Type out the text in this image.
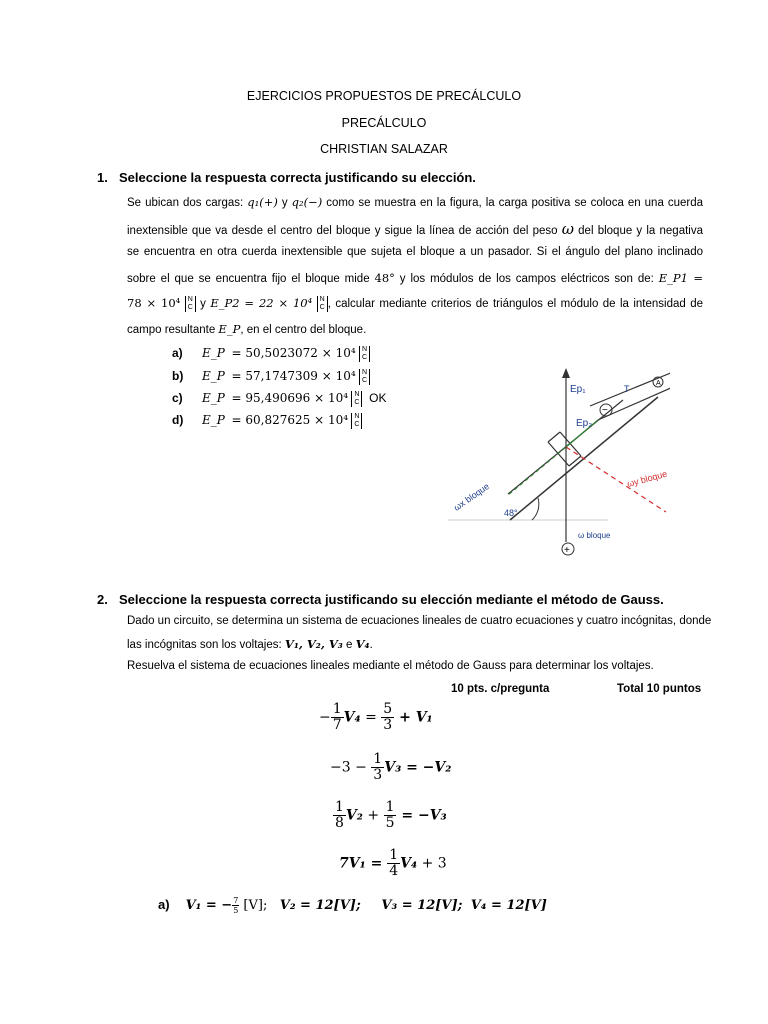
EJERCICIOS PROPUESTOS DE PRECÁLCULO
PRECÁLCULO
CHRISTIAN SALAZAR
1. Seleccione la respuesta correcta justificando su elección.
Se ubican dos cargas: q₁(+) y q₂(−) como se muestra en la figura, la carga positiva se coloca en una cuerda
inextensible que va desde el centro del bloque y sigue la línea de acción del peso ω del bloque y la negativa
se encuentra en otra cuerda inextensible que sujeta el bloque a un pasador. Si el ángulo del plano inclinado
sobre el que se encuentra fijo el bloque mide 48° y los módulos de los campos eléctricos son de: E_P1 =
78 × 10⁴ N
C y E_P2 = 22 × 10⁴ N
C , calcular mediante criterios de triángulos el módulo de la intensidad de
campo resultante E_P, en el centro del bloque.
a) E_P = 50,5023072 × 10⁴ N
C
b) E_P = 57,1747309 × 10⁴ N
C
c) E_P = 95,490696 × 10⁴ N
C OK
d) E_P = 60,827625 × 10⁴ N
C
A
−
Ep₁
Ep₂
T
ωx bloque
ωy bloque
+
ω bloque
48°
2. Seleccione la respuesta correcta justificando su elección mediante el método de Gauss.
Dado un circuito, se determina un sistema de ecuaciones lineales de cuatro ecuaciones y cuatro incógnitas, donde
las incógnitas son los voltajes: V₁, V₂, V₃ e V₄.
Resuelva el sistema de ecuaciones lineales mediante el método de Gauss para determinar los voltajes.
10 pts. c/pregunta	Total 10 puntos
− $\frac{1}{7} V_4 = \frac{5}{3} + V_1$
$-3 - \frac{1}{3} V_3 = -V_2$
$\frac{1}{8} V_2 + \frac{1}{5} = -V_3$
$7V_1 = \frac{1}{4} V_4 + 3$
a) V₁ = − $\frac{7}{5} [V]$; V₂ = 12[V]; V₃ = 12[V]; V₄ = 12[V]
